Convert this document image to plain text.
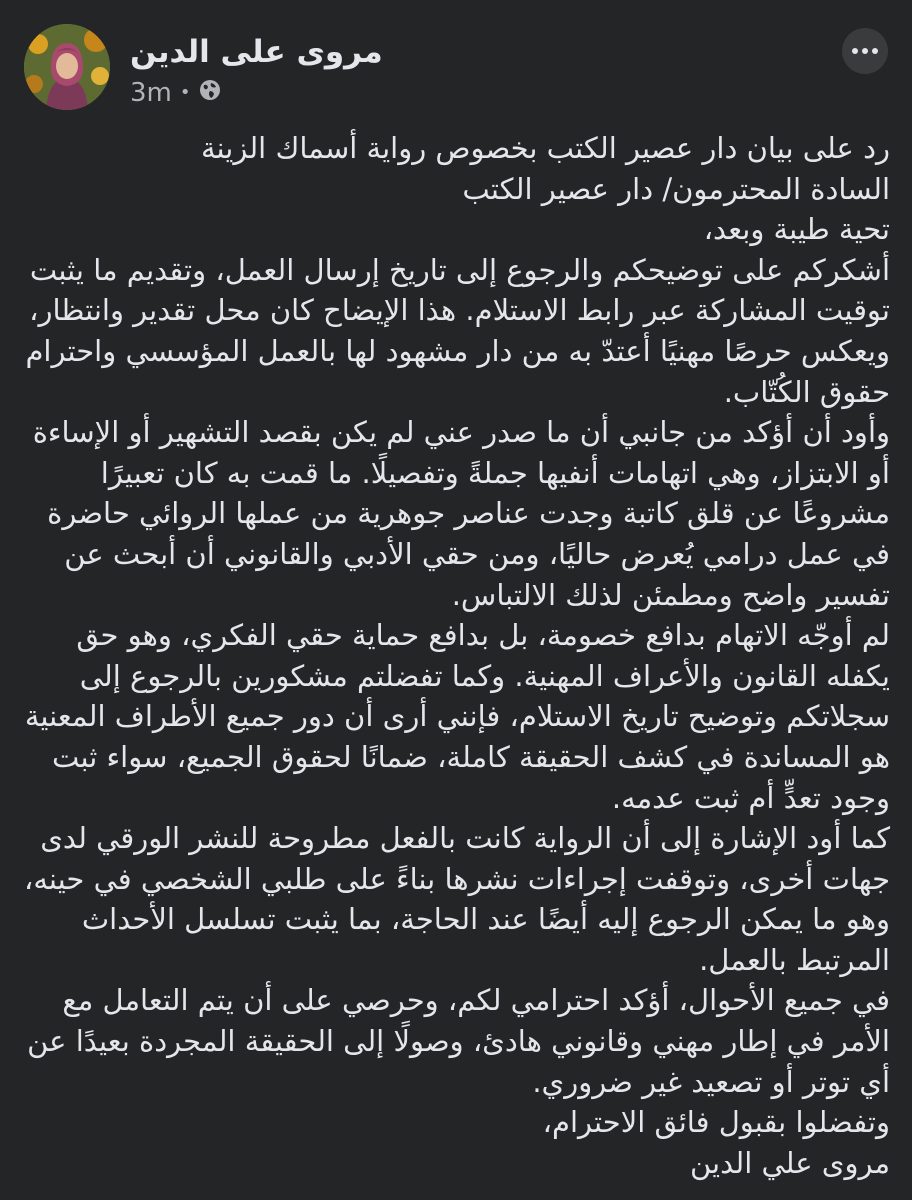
مروى على الدين
3m •

رد على بيان دار عصير الكتب بخصوص رواية أسماك الزينة

السادة المحترمون/ دار عصير الكتب

تحية طيبة وبعد،

أشكركم على توضيحكم والرجوع إلى تاريخ إرسال العمل، وتقديم ما يثبت توقيت المشاركة عبر رابط الاستلام. هذا الإيضاح كان محل تقدير وانتظار، ويعكس حرصًا مهنيًا أعتدّ به من دار مشهود لها بالعمل المؤسسي واحترام حقوق الكُتّاب.

وأود أن أؤكد من جانبي أن ما صدر عني لم يكن بقصد التشهير أو الإساءة أو الابتزاز، وهي اتهامات أنفيها جملةً وتفصيلًا. ما قمت به كان تعبيرًا مشروعًا عن قلق كاتبة وجدت عناصر جوهرية من عملها الروائي حاضرة في عمل درامي يُعرض حاليًا، ومن حقي الأدبي والقانوني أن أبحث عن تفسير واضح ومطمئن لذلك الالتباس.

لم أوجّه الاتهام بدافع خصومة، بل بدافع حماية حقي الفكري، وهو حق يكفله القانون والأعراف المهنية. وكما تفضلتم مشكورين بالرجوع إلى سجلاتكم وتوضيح تاريخ الاستلام، فإنني أرى أن دور جميع الأطراف المعنية هو المساندة في كشف الحقيقة كاملة، ضمانًا لحقوق الجميع، سواء ثبت وجود تعدٍّ أم ثبت عدمه.

كما أود الإشارة إلى أن الرواية كانت بالفعل مطروحة للنشر الورقي لدى جهات أخرى، وتوقفت إجراءات نشرها بناءً على طلبي الشخصي في حينه، وهو ما يمكن الرجوع إليه أيضًا عند الحاجة، بما يثبت تسلسل الأحداث المرتبط بالعمل.

في جميع الأحوال، أؤكد احترامي لكم، وحرصي على أن يتم التعامل مع الأمر في إطار مهني وقانوني هادئ، وصولًا إلى الحقيقة المجردة بعيدًا عن أي توتر أو تصعيد غير ضروري.

وتفضلوا بقبول فائق الاحترام،

مروى علي الدين
